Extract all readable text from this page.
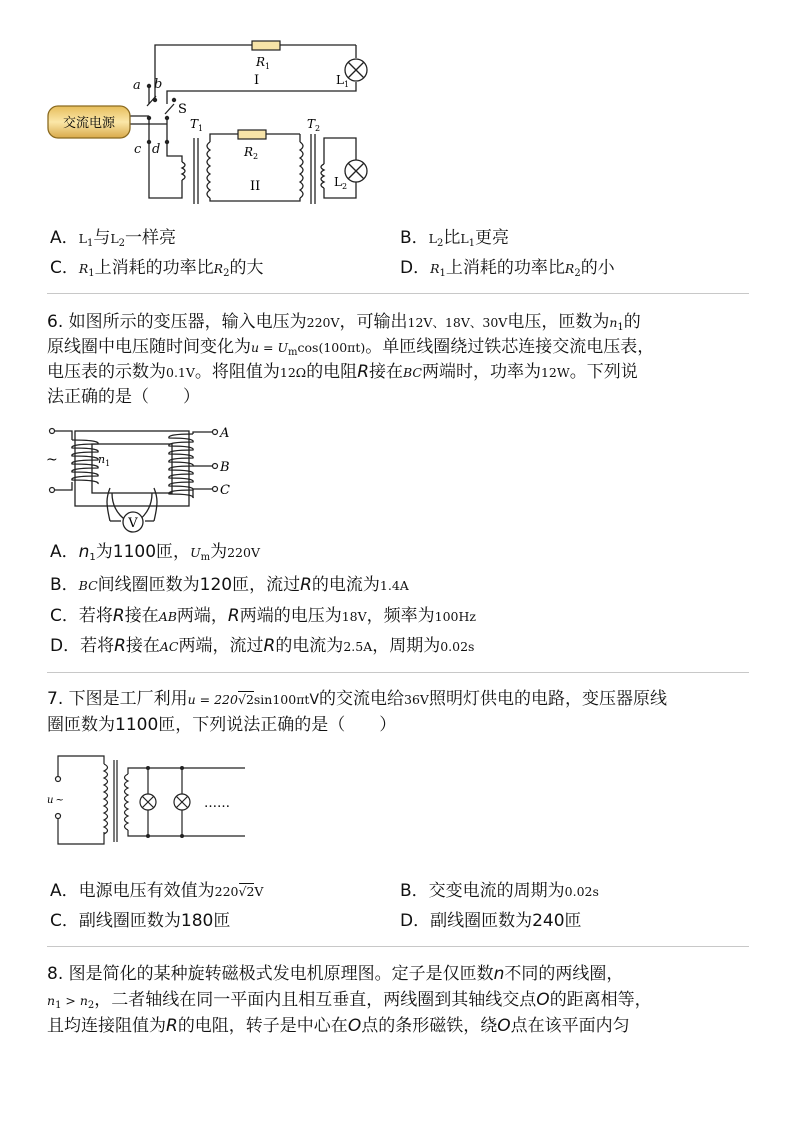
交流电源
a b
c d
S
$R_1$
$R_2$
$T_1$	$T_2$
$L_1$
$L_2$
I
II
A．$L_1$与$L_2$一样亮	B．$L_2$比$L_1$更亮
C．$R_1$上消耗的功率比$R_2$的大	D．$R_1$上消耗的功率比$R_2$的小
6. 如图所示的变压器，输入电压为220V，可输出12V、18V、30V电压，匝数为$n_1$的
原线圈中电压随时间变化为$u = U_m\cos(100\pi t)$。单匝线圈绕过铁芯连接交流电压表，
电压表的示数为0.1V。将阻值为12Ω的电阻R接在BC两端时，功率为12W。下列说
法正确的是（　　）
V
~	$n_1$
A
B
C
A．$n_1$为1100匝，$U_m$为220V
B．BC间线圈匝数为120匝，流过R的电流为1.4A
C．若将R接在AB两端，R两端的电压为18V，频率为100Hz
D．若将R接在AC两端，流过R的电流为2.5A，周期为0.02s
7. 下图是工厂利用u = 220√2sin100πtV的交流电给36V照明灯供电的电路，变压器原线
圈匝数为1100匝，下列说法正确的是（　　）
u ~	……
A．电源电压有效值为220√2V	B．交变电流的周期为0.02s
C．副线圈匝数为180匝	D．副线圈匝数为240匝
8. 图是简化的某种旋转磁极式发电机原理图。定子是仅匝数n不同的两线圈，
$n_1 > n_2$，二者轴线在同一平面内且相互垂直，两线圈到其轴线交点O的距离相等，
且均连接阻值为R的电阻，转子是中心在O点的条形磁铁，绕O点在该平面内匀
